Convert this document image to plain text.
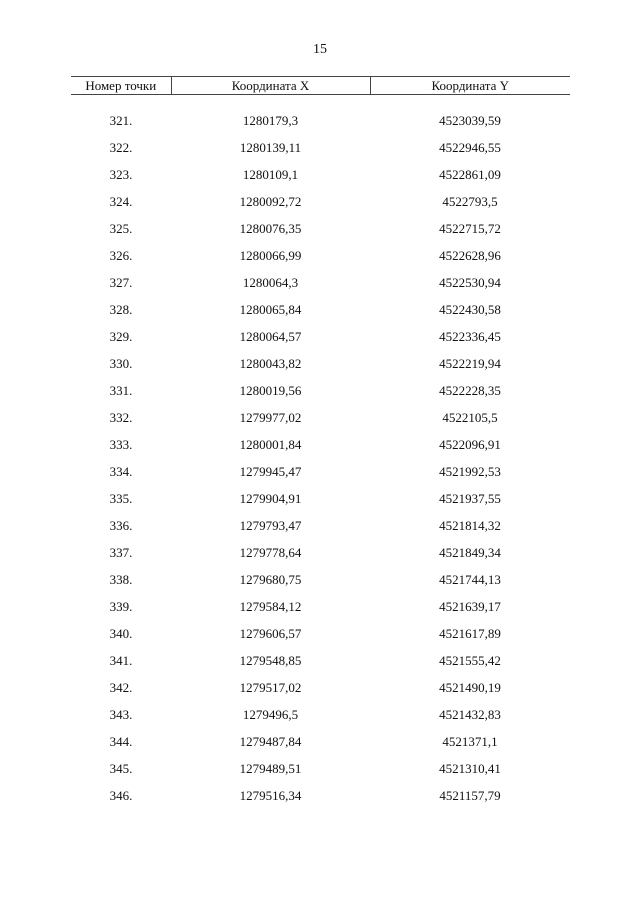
15
Номер точки	Координата X	Координата Y

321.	1280179,3	4523039,59
322.	1280139,11	4522946,55
323.	1280109,1	4522861,09
324.	1280092,72	4522793,5
325.	1280076,35	4522715,72
326.	1280066,99	4522628,96
327.	1280064,3	4522530,94
328.	1280065,84	4522430,58
329.	1280064,57	4522336,45
330.	1280043,82	4522219,94
331.	1280019,56	4522228,35
332.	1279977,02	4522105,5
333.	1280001,84	4522096,91
334.	1279945,47	4521992,53
335.	1279904,91	4521937,55
336.	1279793,47	4521814,32
337.	1279778,64	4521849,34
338.	1279680,75	4521744,13
339.	1279584,12	4521639,17
340.	1279606,57	4521617,89
341.	1279548,85	4521555,42
342.	1279517,02	4521490,19
343.	1279496,5	4521432,83
344.	1279487,84	4521371,1
345.	1279489,51	4521310,41
346.	1279516,34	4521157,79
